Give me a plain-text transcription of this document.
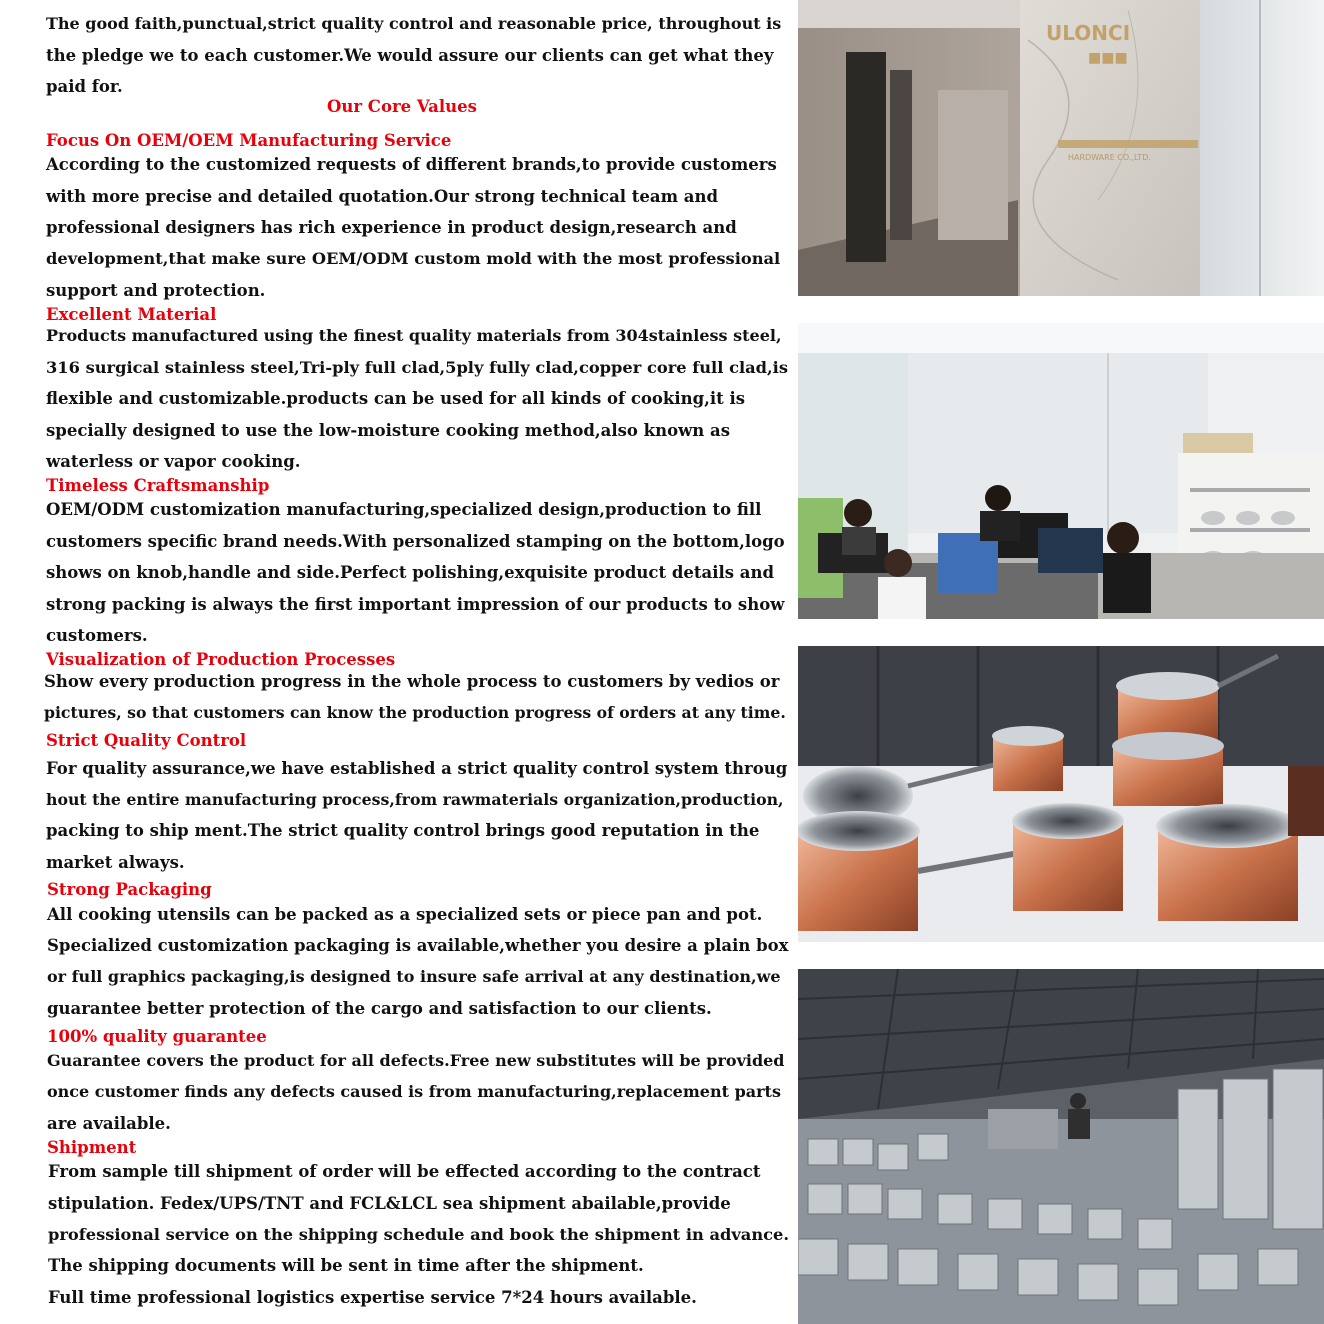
The good faith,punctual,strict quality control and reasonable price, throughout is
the pledge we to each customer.We would assure our clients can get what they
paid for.
Our Core Values
Focus On OEM/OEM Manufacturing Service
According to the customized requests of different brands,to provide customers
with more precise and detailed quotation.Our strong technical team and
professional designers has rich experience in product design,research and
development,that make sure OEM/ODM custom mold with the most professional
support and protection.
Excellent Material
Products manufactured using the finest quality materials from 304stainless steel,
316 surgical stainless steel,Tri-ply full clad,5ply fully clad,copper core full clad,is
flexible and customizable.products can be used for all kinds of cooking,it is
specially designed to use the low-moisture cooking method,also known as
waterless or vapor cooking.
Timeless Craftsmanship
OEM/ODM customization manufacturing,specialized design,production to fill
customers specific brand needs.With personalized stamping on the bottom,logo
shows on knob,handle and side.Perfect polishing,exquisite product details and
strong packing is always the first important impression of our products to show
customers.
Visualization of Production Processes
Show every production progress in the whole process to customers by vedios or
pictures, so that customers can know the production progress of orders at any time.
Strict Quality Control
For quality assurance,we have established a strict quality control system throug
hout the entire manufacturing process,from rawmaterials organization,production,
packing to ship ment.The strict quality control brings good reputation in the
market always.
Strong Packaging
All cooking utensils can be packed as a specialized sets or piece pan and pot.
Specialized customization packaging is available,whether you desire a plain box
or full graphics packaging,is designed to insure safe arrival at any destination,we
guarantee better protection of the cargo and satisfaction to our clients.
100% quality guarantee
Guarantee covers the product for all defects.Free new substitutes will be provided
once customer finds any defects caused is from manufacturing,replacement parts
are available.
Shipment
From sample till shipment of order will be effected according to the contract
stipulation. Fedex/UPS/TNT and FCL&LCL sea shipment abailable,provide
professional service on the shipping schedule and book the shipment in advance.
The shipping documents will be sent in time after the shipment.
Full time professional logistics expertise service 7*24 hours available.
ULONCI
■■■
HARDWARE CO.,LTD.
